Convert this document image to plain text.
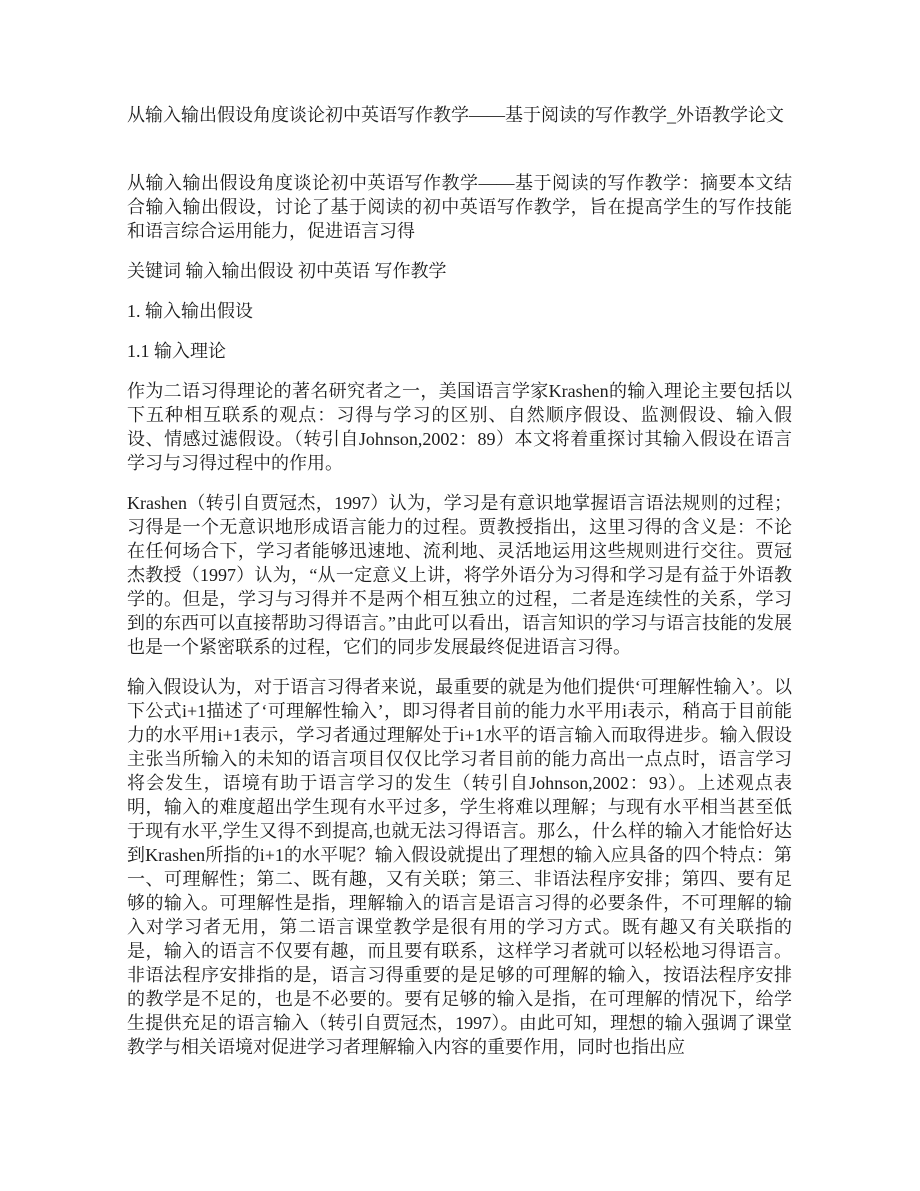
从输入输出假设角度谈论初中英语写作教学——基于阅读的写作教学_外语教学论文

从输入输出假设角度谈论初中英语写作教学——基于阅读的写作教学：摘要本文结合输入输出假设，讨论了基于阅读的初中英语写作教学，旨在提高学生的写作技能和语言综合运用能力，促进语言习得

关键词 输入输出假设 初中英语 写作教学

1. 输入输出假设

1.1 输入理论

作为二语习得理论的著名研究者之一，美国语言学家Krashen的输入理论主要包括以下五种相互联系的观点：习得与学习的区别、自然顺序假设、监测假设、输入假设、情感过滤假设。（转引自Johnson,2002：89）本文将着重探讨其输入假设在语言学习与习得过程中的作用。

Krashen（转引自贾冠杰，1997）认为，学习是有意识地掌握语言语法规则的过程；习得是一个无意识地形成语言能力的过程。贾教授指出，这里习得的含义是：不论在任何场合下，学习者能够迅速地、流利地、灵活地运用这些规则进行交往。贾冠杰教授（1997）认为，“从一定意义上讲，将学外语分为习得和学习是有益于外语教学的。但是，学习与习得并不是两个相互独立的过程，二者是连续性的关系，学习到的东西可以直接帮助习得语言。”由此可以看出，语言知识的学习与语言技能的发展也是一个紧密联系的过程，它们的同步发展最终促进语言习得。

输入假设认为，对于语言习得者来说，最重要的就是为他们提供‘可理解性输入’。以下公式i+1描述了‘可理解性输入’，即习得者目前的能力水平用i表示，稍高于目前能力的水平用i+1表示，学习者通过理解处于i+1水平的语言输入而取得进步。输入假设主张当所输入的未知的语言项目仅仅比学习者目前的能力高出一点点时，语言学习将会发生，语境有助于语言学习的发生（转引自Johnson,2002：93）。上述观点表明，输入的难度超出学生现有水平过多，学生将难以理解；与现有水平相当甚至低于现有水平,学生又得不到提高,也就无法习得语言。那么，什么样的输入才能恰好达到Krashen所指的i+1的水平呢？输入假设就提出了理想的输入应具备的四个特点：第一、可理解性；第二、既有趣，又有关联；第三、非语法程序安排；第四、要有足够的输入。可理解性是指，理解输入的语言是语言习得的必要条件，不可理解的输入对学习者无用，第二语言课堂教学是很有用的学习方式。既有趣又有关联指的是，输入的语言不仅要有趣，而且要有联系，这样学习者就可以轻松地习得语言。非语法程序安排指的是，语言习得重要的是足够的可理解的输入，按语法程序安排的教学是不足的，也是不必要的。要有足够的输入是指，在可理解的情况下，给学生提供充足的语言输入（转引自贾冠杰，1997）。由此可知，理想的输入强调了课堂教学与相关语境对促进学习者理解输入内容的重要作用，同时也指出应
